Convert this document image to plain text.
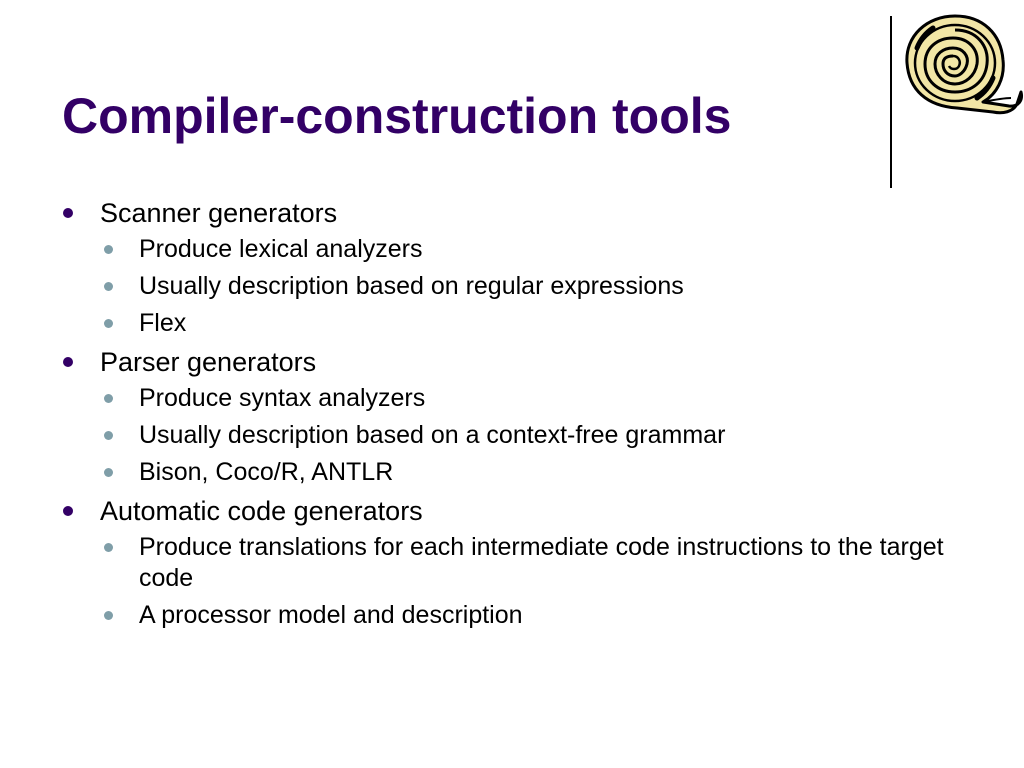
Compiler-construction tools
Scanner generators
Produce lexical analyzers
Usually description based on regular expressions
Flex
Parser generators
Produce syntax analyzers
Usually description based on a context-free grammar
Bison, Coco/R, ANTLR
Automatic code generators
Produce translations for each intermediate code instructions to the target code
A processor model and description
